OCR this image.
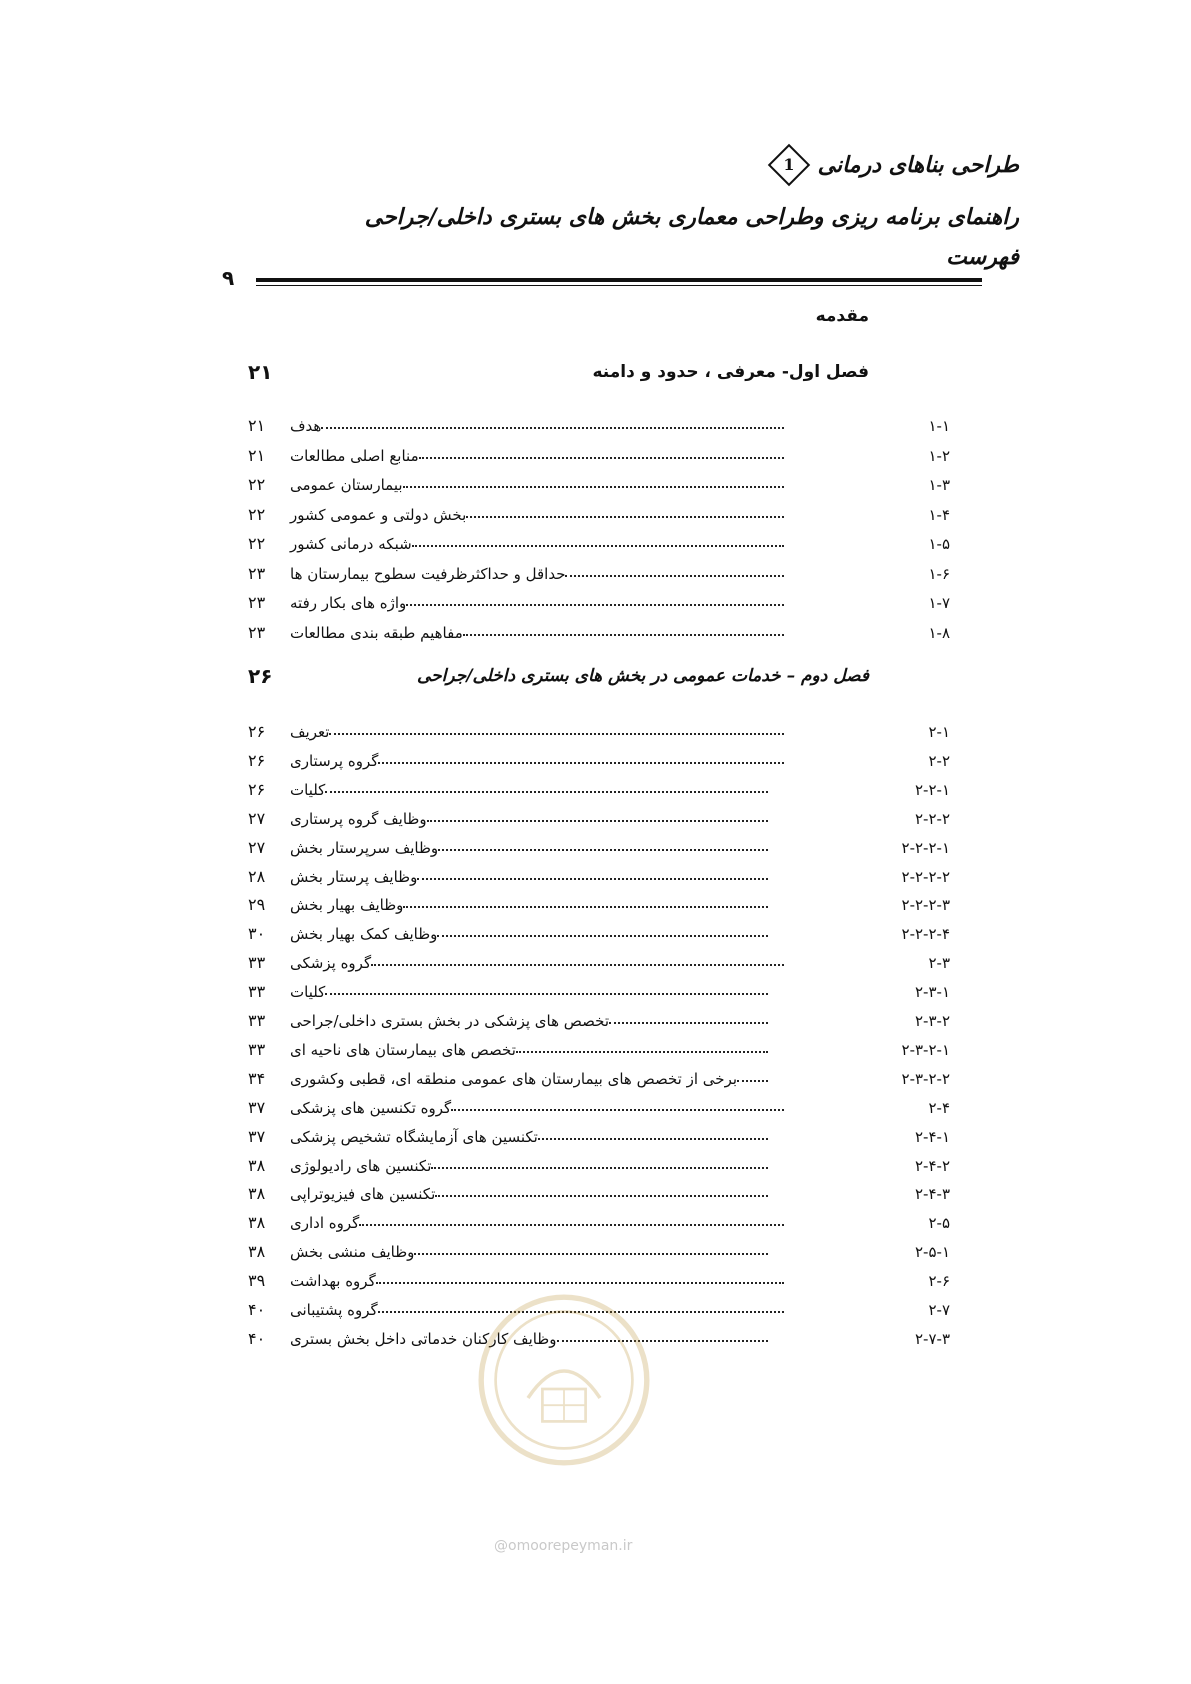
طراحی بناهای درمانی
1
راهنمای برنامه ریزی وطراحی معماری بخش های بستری داخلی/جراحی
فهرست
۹
مقدمه
فصل اول- معرفی ، حدود و دامنه
۲۱
۱-۱
هدف
۲۱
۱-۲
منابع اصلی مطالعات
۲۱
۱-۳
بیمارستان عمومی
۲۲
۱-۴
بخش دولتی و عمومی کشور
۲۲
۱-۵
شبکه درمانی کشور
۲۲
۱-۶
حداقل و حداکثرظرفیت سطوح بیمارستان ها
۲۳
۱-۷
واژه های بکار رفته
۲۳
۱-۸
مفاهیم طبقه بندی مطالعات
۲۳
فصل دوم – خدمات عمومی در بخش های بستری داخلی/جراحی
۲۶
۲-۱
تعریف
۲۶
۲-۲
گروه پرستاری
۲۶
۲-۲-۱
کلیات
۲۶
۲-۲-۲
وظایف گروه پرستاری
۲۷
۲-۲-۲-۱
وظایف سرپرستار بخش
۲۷
۲-۲-۲-۲
وظایف پرستار بخش
۲۸
۲-۲-۲-۳
وظایف بهیار بخش
۲۹
۲-۲-۲-۴
وظایف کمک بهیار بخش
۳۰
۲-۳
گروه پزشکی
۳۳
۲-۳-۱
کلیات
۳۳
۲-۳-۲
تخصص های پزشکی در بخش بستری داخلی/جراحی
۳۳
۲-۳-۲-۱
تخصص های بیمارستان های ناحیه ای
۳۳
۲-۳-۲-۲
برخی از تخصص های بیمارستان های عمومی منطقه ای، قطبی وکشوری
۳۴
۲-۴
گروه تکنسین های پزشکی
۳۷
۲-۴-۱
تکنسین های آزمایشگاه تشخیص پزشکی
۳۷
۲-۴-۲
تکنسین های رادیولوژی
۳۸
۲-۴-۳
تکنسین های فیزیوتراپی
۳۸
۲-۵
گروه اداری
۳۸
۲-۵-۱
وظایف منشی بخش
۳۸
۲-۶
گروه بهداشت
۳۹
۲-۷
گروه پشتیبانی
۴۰
۲-۷-۳
وظایف کارکنان خدماتی داخل بخش بستری
۴۰
@omoorepeyman.ir
